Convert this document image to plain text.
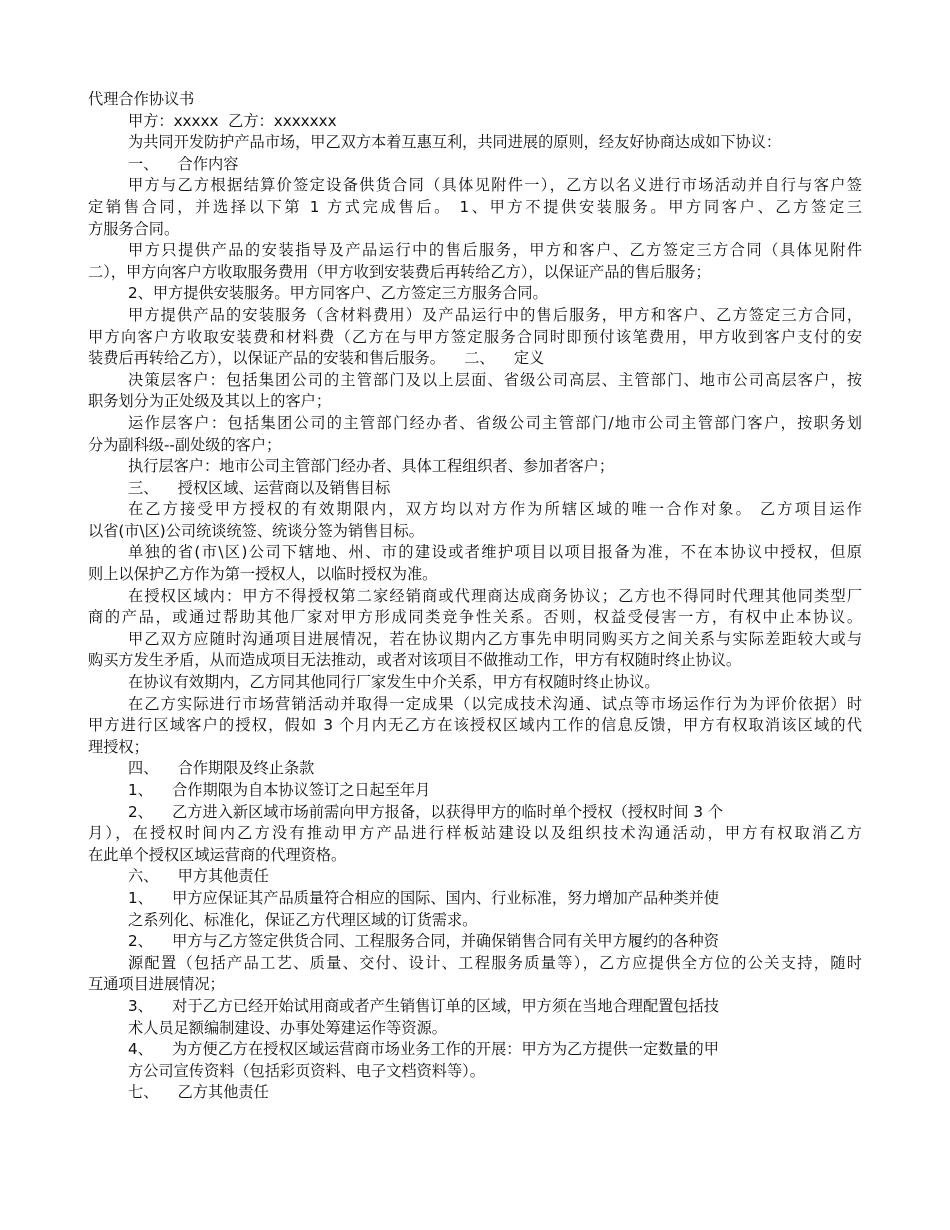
代理合作协议书
甲方：xxxxx  乙方：xxxxxxx
为共同开发防护产品市场，甲乙双方本着互惠互利，共同进展的原则，经友好协商达成如下协议：
一、    合作内容
甲方与乙方根据结算价签定设备供货合同（具体见附件一），乙方以名义进行市场活动并自行与客户签
定销售合同，并选择以下第 1 方式完成售后。 1、甲方不提供安装服务。甲方同客户、乙方签定三
方服务合同。
甲方只提供产品的安装指导及产品运行中的售后服务，甲方和客户、乙方签定三方合同（具体见附件
二），甲方向客户方收取服务费用（甲方收到安装费后再转给乙方），以保证产品的售后服务；
2、甲方提供安装服务。甲方同客户、乙方签定三方服务合同。
甲方提供产品的安装服务（含材料费用）及产品运行中的售后服务，甲方和客户、乙方签定三方合同，
甲方向客户方收取安装费和材料费（乙方在与甲方签定服务合同时即预付该笔费用，甲方收到客户支付的安
装费后再转给乙方），以保证产品的安装和售后服务。    二、    定义
决策层客户：包括集团公司的主管部门及以上层面、省级公司高层、主管部门、地市公司高层客户，按
职务划分为正处级及其以上的客户；
运作层客户：包括集团公司的主管部门经办者、省级公司主管部门/地市公司主管部门客户，按职务划
分为副科级--副处级的客户；
执行层客户：地市公司主管部门经办者、具体工程组织者、参加者客户；
三、    授权区域、运营商以及销售目标
在乙方接受甲方授权的有效期限内，双方均以对方作为所辖区域的唯一合作对象。 乙方项目运作
以省(市\区)公司统谈统签、统谈分签为销售目标。
单独的省(市\区)公司下辖地、州、市的建设或者维护项目以项目报备为准，不在本协议中授权，但原
则上以保护乙方作为第一授权人，以临时授权为准。
在授权区域内：甲方不得授权第二家经销商或代理商达成商务协议；乙方也不得同时代理其他同类型厂
商的产品，或通过帮助其他厂家对甲方形成同类竞争性关系。否则，权益受侵害一方，有权中止本协议。
甲乙双方应随时沟通项目进展情况，若在协议期内乙方事先申明同购买方之间关系与实际差距较大或与
购买方发生矛盾，从而造成项目无法推动，或者对该项目不做推动工作，甲方有权随时终止协议。
在协议有效期内，乙方同其他同行厂家发生中介关系，甲方有权随时终止协议。
在乙方实际进行市场营销活动并取得一定成果（以完成技术沟通、试点等市场运作行为为评价依据）时
甲方进行区域客户的授权，假如 3 个月内无乙方在该授权区域内工作的信息反馈，甲方有权取消该区域的代
理授权；
四、    合作期限及终止条款
1、    合作期限为自本协议签订之日起至年月
2、    乙方进入新区域市场前需向甲方报备，以获得甲方的临时单个授权（授权时间 3 个
月），在授权时间内乙方没有推动甲方产品进行样板站建设以及组织技术沟通活动，甲方有权取消乙方
在此单个授权区域运营商的代理资格。
六、    甲方其他责任
1、    甲方应保证其产品质量符合相应的国际、国内、行业标准，努力增加产品种类并使
之系列化、标准化，保证乙方代理区域的订货需求。
2、    甲方与乙方签定供货合同、工程服务合同，并确保销售合同有关甲方履约的各种资
源配置（包括产品工艺、质量、交付、设计、工程服务质量等），乙方应提供全方位的公关支持，随时
互通项目进展情况；
3、    对于乙方已经开始试用商或者产生销售订单的区域，甲方须在当地合理配置包括技
术人员足额编制建设、办事处筹建运作等资源。
4、    为方便乙方在授权区域运营商市场业务工作的开展：甲方为乙方提供一定数量的甲
方公司宣传资料（包括彩页资料、电子文档资料等）。
七、    乙方其他责任
